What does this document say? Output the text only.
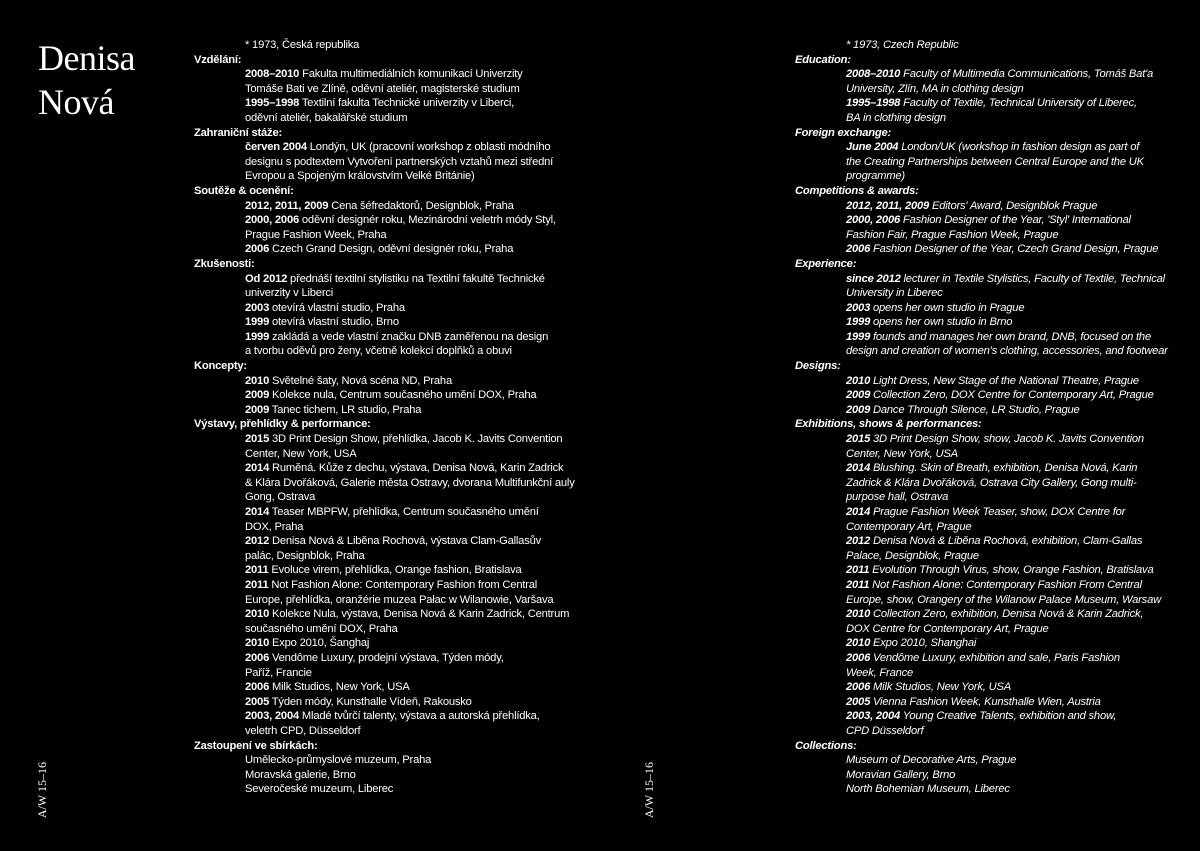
Denisa
Nová
* 1973, Česká republika
Vzdělání:
2008–2010 Fakulta multimediálních komunikací Univerzity
Tomáše Bati ve Zlíně, oděvní ateliér, magisterské studium
1995–1998 Textilní fakulta Technické univerzity v Liberci,
oděvní ateliér, bakalářské studium
Zahraniční stáže:
červen 2004 Londýn, UK (pracovní workshop z oblasti módního
designu s podtextem Vytvoření partnerských vztahů mezi střední
Evropou a Spojeným královstvím Velké Británie)
Soutěže & ocenění:
2012, 2011, 2009 Cena šéfredaktorů, Designblok, Praha
2000, 2006 oděvní designér roku, Mezinárodní veletrh módy Styl,
Prague Fashion Week, Praha
2006 Czech Grand Design, oděvní designér roku, Praha
Zkušenosti:
Od 2012 přednáší textilní stylistiku na Textilní fakultě Technické
univerzity v Liberci
2003 otevírá vlastní studio, Praha
1999 otevírá vlastní studio, Brno
1999 zakládá a vede vlastní značku DNB zaměřenou na design
a tvorbu oděvů pro ženy, včetně kolekcí doplňků a obuvi
Koncepty:
2010 Světelné šaty, Nová scéna ND, Praha
2009 Kolekce nula, Centrum současného umění DOX, Praha
2009 Tanec tichem, LR studio, Praha
Výstavy, přehlídky & performance:
2015 3D Print Design Show, přehlídka, Jacob K. Javits Convention
Center, New York, USA
2014 Rumĕná. Kůže z dechu, výstava, Denisa Nová, Karin Zadrick
& Klára Dvořáková, Galerie města Ostravy, dvorana Multifunkční auly
Gong, Ostrava
2014 Teaser MBPFW, přehlídka, Centrum současného umění
DOX, Praha
2012 Denisa Nová & Liběna Rochová, výstava Clam-Gallasův
palác, Designblok, Praha
2011 Evoluce virem, přehlídka, Orange fashion, Bratislava
2011 Not Fashion Alone: Contemporary Fashion from Central
Europe, přehlídka, oranžérie muzea Pałac w Wilanowie, Varšava
2010 Kolekce Nula, výstava, Denisa Nová & Karin Zadrick, Centrum
současného umění DOX, Praha
2010 Expo 2010, Šanghaj
2006 Vendôme Luxury, prodejní výstava, Týden módy,
Paříž, Francie
2006 Milk Studios, New York, USA
2005 Týden módy, Kunsthalle Vídeň, Rakousko
2003, 2004 Mladé tvůrčí talenty, výstava a autorská přehlídka,
veletrh CPD, Düsseldorf
Zastoupení ve sbírkách:
Umělecko-průmyslové muzeum, Praha
Moravská galerie, Brno
Severočeské muzeum, Liberec
A/W 15–16
* 1973, Czech Republic
Education:
2008–2010 Faculty of Multimedia Communications, Tomáš Bat'a
University, Zlín, MA in clothing design
1995–1998 Faculty of Textile, Technical University of Liberec,
BA in clothing design
Foreign exchange:
June 2004 London/UK (workshop in fashion design as part of
the Creating Partnerships between Central Europe and the UK
programme)
Competitions & awards:
2012, 2011, 2009 Editors' Award, Designblok Prague
2000, 2006 Fashion Designer of the Year, 'Styl' International
Fashion Fair, Prague Fashion Week, Prague
2006 Fashion Designer of the Year, Czech Grand Design, Prague
Experience:
since 2012 lecturer in Textile Stylistics, Faculty of Textile, Technical
University in Liberec
2003 opens her own studio in Prague
1999 opens her own studio in Brno
1999 founds and manages her own brand, DNB, focused on the
design and creation of women's clothing, accessories, and footwear
Designs:
2010 Light Dress, New Stage of the National Theatre, Prague
2009 Collection Zero, DOX Centre for Contemporary Art, Prague
2009 Dance Through Silence, LR Studio, Prague
Exhibitions, shows & performances:
2015 3D Print Design Show, show, Jacob K. Javits Convention
Center, New York, USA
2014 Blushing. Skin of Breath, exhibition, Denisa Nová, Karin
Zadrick & Klára Dvořáková, Ostrava City Gallery, Gong multi-
purpose hall, Ostrava
2014 Prague Fashion Week Teaser, show, DOX Centre for
Contemporary Art, Prague
2012 Denisa Nová & Liběna Rochová, exhibition, Clam-Gallas
Palace, Designblok, Prague
2011 Evolution Through Virus, show, Orange Fashion, Bratislava
2011 Not Fashion Alone: Contemporary Fashion From Central
Europe, show, Orangery of the Wilanow Palace Museum, Warsaw
2010 Collection Zero, exhibition, Denisa Nová & Karin Zadrick,
DOX Centre for Contemporary Art, Prague
2010 Expo 2010, Shanghai
2006 Vendôme Luxury, exhibition and sale, Paris Fashion
Week, France
2006 Milk Studios, New York, USA
2005 Vienna Fashion Week, Kunsthalle Wien, Austria
2003, 2004 Young Creative Talents, exhibition and show,
CPD Düsseldorf
Collections:
Museum of Decorative Arts, Prague
Moravian Gallery, Brno
North Bohemian Museum, Liberec
A/W 15–16
